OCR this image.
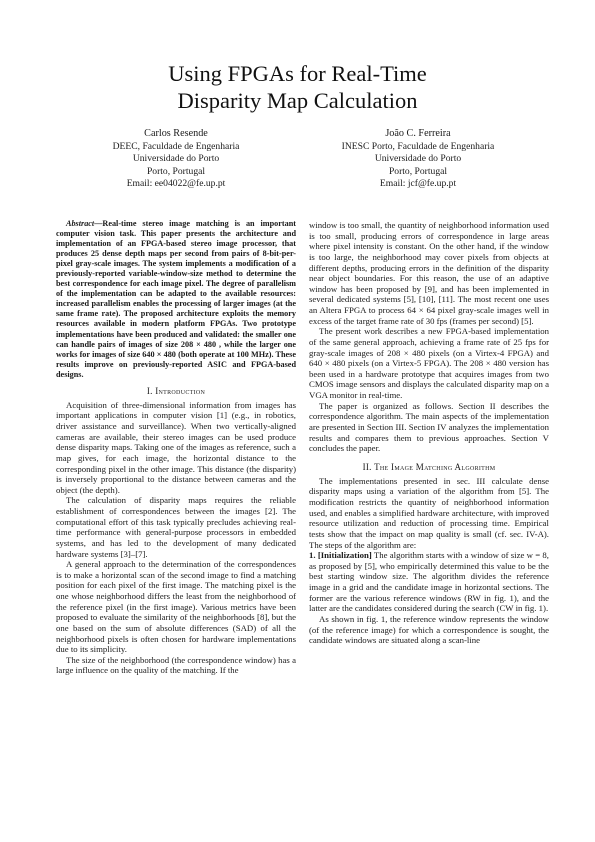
Using FPGAs for Real-Time
Disparity Map Calculation
Carlos Resende
DEEC, Faculdade de Engenharia
Universidade do Porto
Porto, Portugal
Email: ee04022@fe.up.pt
João C. Ferreira
INESC Porto, Faculdade de Engenharia
Universidade do Porto
Porto, Portugal
Email: jcf@fe.up.pt

Abstract—Real-time stereo image matching is an important computer vision task. This paper presents the architecture and implementation of an FPGA-based stereo image processor, that produces 25 dense depth maps per second from pairs of 8-bit-per-pixel gray-scale images. The system implements a modification of a previously-reported variable-window-size method to determine the best correspondence for each image pixel. The degree of parallelism of the implementation can be adapted to the available resources: increased parallelism enables the processing of larger images (at the same frame rate). The proposed architecture exploits the memory resources available in modern platform FPGAs. Two prototype implementations have been produced and validated: the smaller one can handle pairs of images of size 208 × 480 , while the larger one works for images of size 640 × 480 (both operate at 100 MHz). These results improve on previously-reported ASIC and FPGA-based designs.

I. Introduction

Acquisition of three-dimensional information from images has important applications in computer vision [1] (e.g., in robotics, driver assistance and surveillance). When two vertically-aligned cameras are available, their stereo images can be used produce dense disparity maps. Taking one of the images as reference, such a map gives, for each image, the horizontal distance to the corresponding pixel in the other image. This distance (the disparity) is inversely proportional to the distance between cameras and the object (the depth).

The calculation of disparity maps requires the reliable establishment of correspondences between the images [2]. The computational effort of this task typically precludes achieving real-time performance with general-purpose processors in embedded systems, and has led to the development of many dedicated hardware systems [3]–[7].

A general approach to the determination of the correspondences is to make a horizontal scan of the second image to find a matching position for each pixel of the first image. The matching pixel is the one whose neighborhood differs the least from the neighborhood of the reference pixel (in the first image). Various metrics have been proposed to evaluate the similarity of the neighborhoods [8], but the one based on the sum of absolute differences (SAD) of all the neighborhood pixels is often chosen for hardware implementations due to its simplicity.

The size of the neighborhood (the correspondence window) has a large influence on the quality of the matching. If the

window is too small, the quantity of neighborhood information used is too small, producing errors of correspondence in large areas where pixel intensity is constant. On the other hand, if the window is too large, the neighborhood may cover pixels from objects at different depths, producing errors in the definition of the disparity near object boundaries. For this reason, the use of an adaptive window has been proposed by [9], and has been implemented in several dedicated systems [5], [10], [11]. The most recent one uses an Altera FPGA to process 64 × 64 pixel gray-scale images well in excess of the target frame rate of 30 fps (frames per second) [5].

The present work describes a new FPGA-based implementation of the same general approach, achieving a frame rate of 25 fps for gray-scale images of 208 × 480 pixels (on a Virtex-4 FPGA) and 640 × 480 pixels (on a Virtex-5 FPGA). The 208 × 480 version has been used in a hardware prototype that acquires images from two CMOS image sensors and displays the calculated disparity map on a VGA monitor in real-time.

The paper is organized as follows. Section II describes the correspondence algorithm. The main aspects of the implementation are presented in Section III. Section IV analyzes the implementation results and compares them to previous approaches. Section V concludes the paper.

II. The Image Matching Algorithm

The implementations presented in sec. III calculate dense disparity maps using a variation of the algorithm from [5]. The modification restricts the quantity of neighborhood information used, and enables a simplified hardware architecture, with improved resource utilization and reduction of processing time. Empirical tests show that the impact on map quality is small (cf. sec. IV-A). The steps of the algorithm are:

1. [Initialization] The algorithm starts with a window of size w = 8, as proposed by [5], who empirically determined this value to be the best starting window size. The algorithm divides the reference image in a grid and the candidate image in horizontal sections. The former are the various reference windows (RW in fig. 1), and the latter are the candidates considered during the search (CW in fig. 1).

As shown in fig. 1, the reference window represents the window (of the reference image) for which a correspondence is sought, the candidate windows are situated along a scan-line
